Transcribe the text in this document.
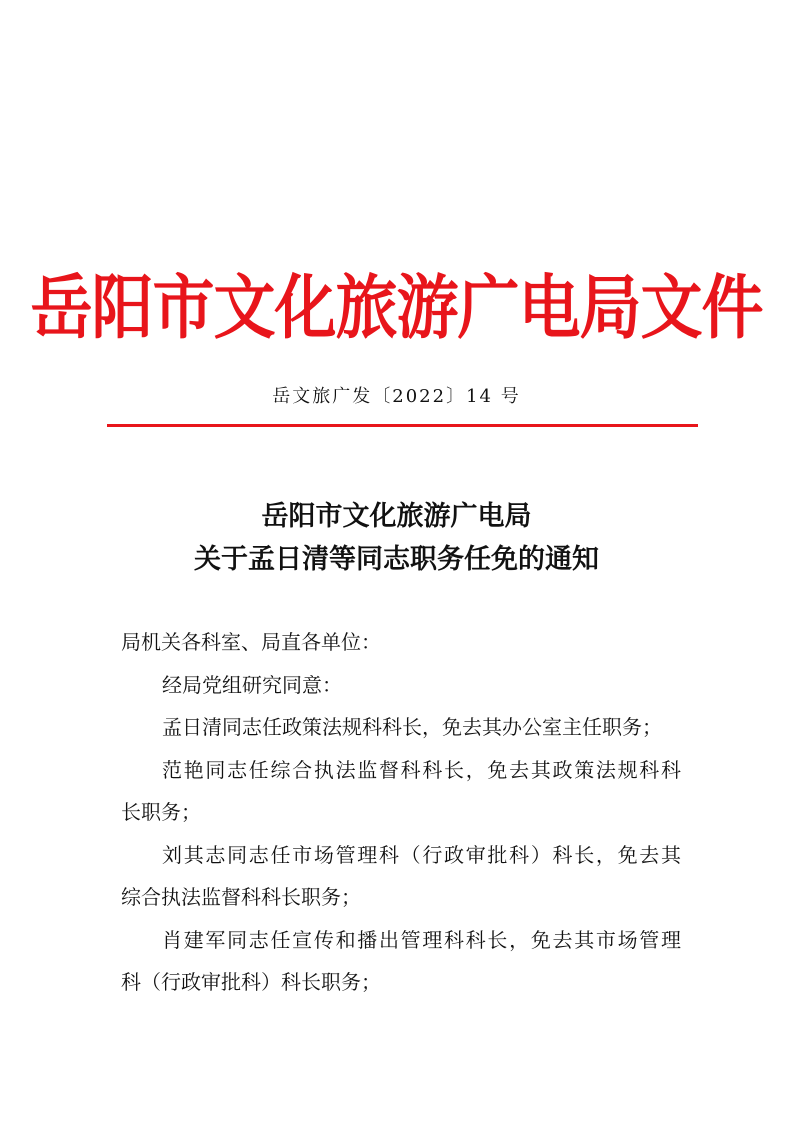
岳阳市文化旅游广电局文件
岳文旅广发〔2022〕14 号
岳阳市文化旅游广电局
关于孟日清等同志职务任免的通知
局机关各科室、局直各单位：
经局党组研究同意：
孟日清同志任政策法规科科长，免去其办公室主任职务；
范艳同志任综合执法监督科科长，免去其政策法规科科
长职务；
刘其志同志任市场管理科（行政审批科）科长，免去其
综合执法监督科科长职务；
肖建军同志任宣传和播出管理科科长，免去其市场管理
科（行政审批科）科长职务；
